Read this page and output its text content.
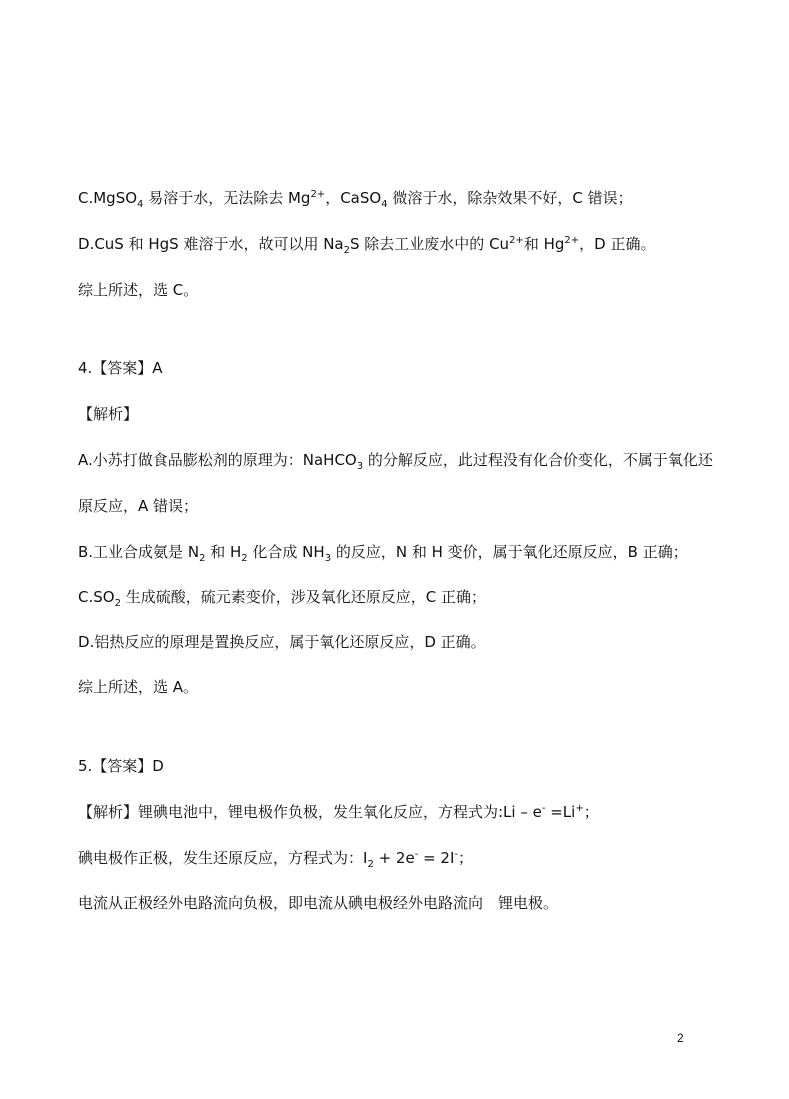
C.MgSO$_4$ 易溶于水，无法除去 $Mg^{2+}$，CaSO$_4$ 微溶于水，除杂效果不好，C 错误；
D.CuS 和 HgS 难溶于水，故可以用 $Na_2S$ 除去工业废水中的 $Cu^{2+}$和 $Hg^{2+}$，D 正确。
综上所述，选 C。
4.【答案】A
【解析】
A.小苏打做食品膨松剂的原理为：NaHCO$_3$ 的分解反应，此过程没有化合价变化，不属于氧化还
原反应，A 错误；
B.工业合成氨是 $N_2$ 和 $H_2$ 化合成 $NH_3$ 的反应，N 和 H 变价，属于氧化还原反应，B 正确；
$C.SO_2$ 生成硫酸，硫元素变价，涉及氧化还原反应，C 正确；
D.铝热反应的原理是置换反应，属于氧化还原反应，D 正确。
综上所述，选 A。
5.【答案】D
【解析】锂碘电池中，锂电极作负极，发生氧化反应，方程式为:Li – e- =Li+；
碘电极作正极，发生还原反应，方程式为：$I_2 + 2e^- = 2I^-$；
电流从正极经外电路流向负极，即电流从碘电极经外电路流向　锂电极。
2
